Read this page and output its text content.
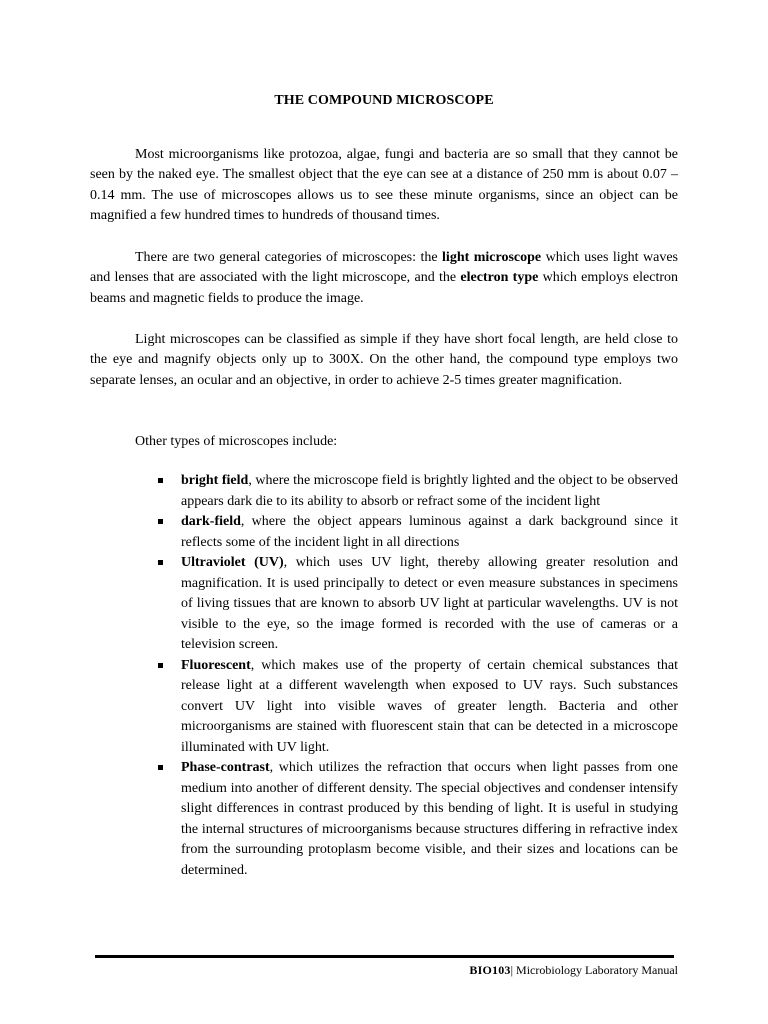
THE COMPOUND MICROSCOPE

Most microorganisms like protozoa, algae, fungi and bacteria are so small that they cannot be seen by the naked eye. The smallest object that the eye can see at a distance of 250 mm is about 0.07 – 0.14 mm. The use of microscopes allows us to see these minute organisms, since an object can be magnified a few hundred times to hundreds of thousand times.

There are two general categories of microscopes: the light microscope which uses light waves and lenses that are associated with the light microscope, and the electron type which employs electron beams and magnetic fields to produce the image.

Light microscopes can be classified as simple if they have short focal length, are held close to the eye and magnify objects only up to 300X. On the other hand, the compound type employs two separate lenses, an ocular and an objective, in order to achieve 2-5 times greater magnification.

Other types of microscopes include:

bright field, where the microscope field is brightly lighted and the object to be observed appears dark die to its ability to absorb or refract some of the incident light
dark-field, where the object appears luminous against a dark background since it reflects some of the incident light in all directions
Ultraviolet (UV), which uses UV light, thereby allowing greater resolution and magnification. It is used principally to detect or even measure substances in specimens of living tissues that are known to absorb UV light at particular wavelengths. UV is not visible to the eye, so the image formed is recorded with the use of cameras or a television screen.
Fluorescent, which makes use of the property of certain chemical substances that release light at a different wavelength when exposed to UV rays. Such substances convert UV light into visible waves of greater length. Bacteria and other microorganisms are stained with fluorescent stain that can be detected in a microscope illuminated with UV light.
Phase-contrast, which utilizes the refraction that occurs when light passes from one medium into another of different density. The special objectives and condenser intensify slight differences in contrast produced by this bending of light. It is useful in studying the internal structures of microorganisms because structures differing in refractive index from the surrounding protoplasm become visible, and their sizes and locations can be determined.
BIO103| Microbiology Laboratory Manual
